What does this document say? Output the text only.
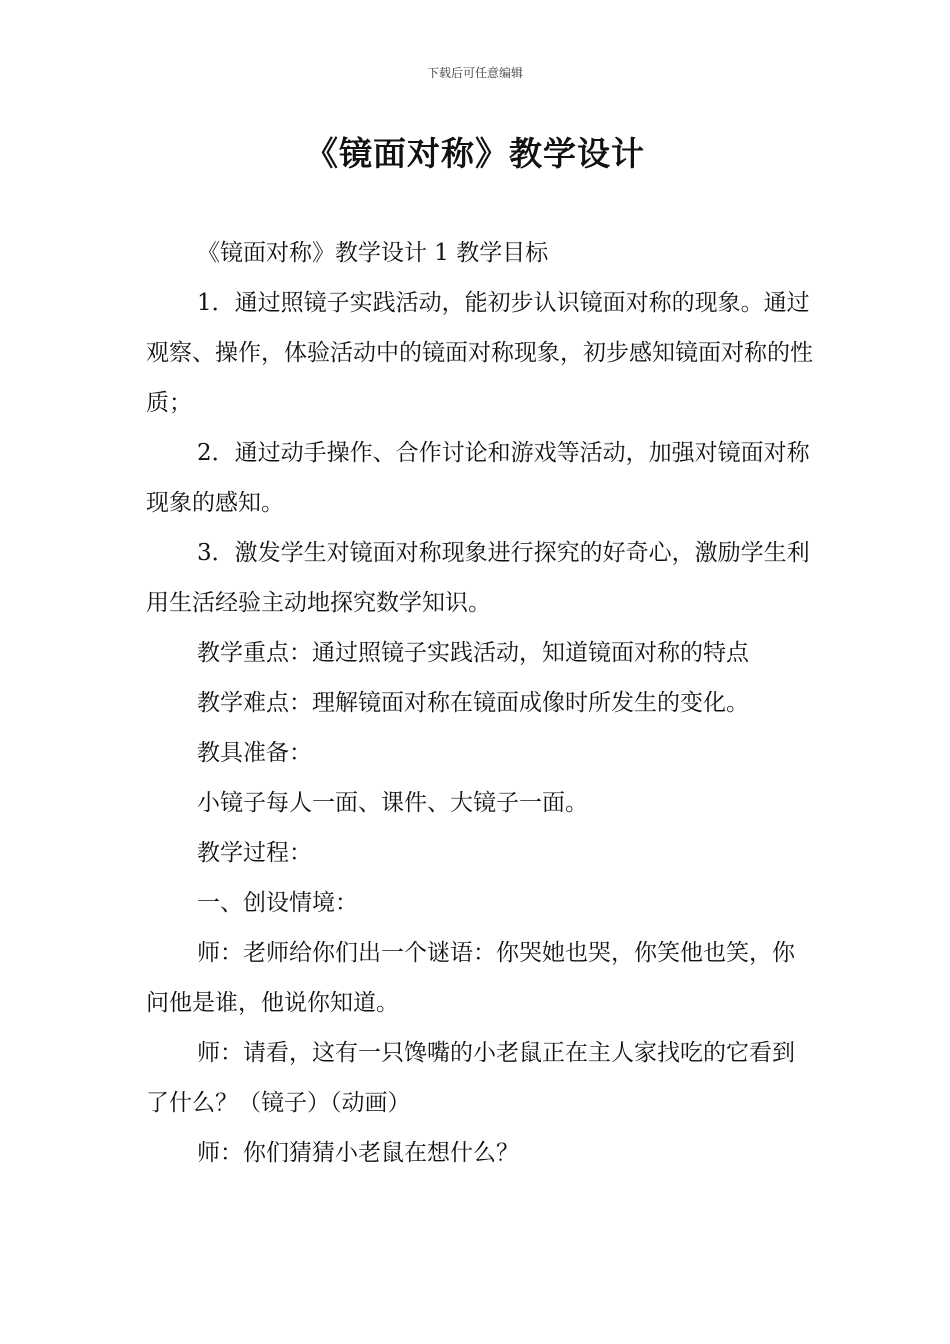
下载后可任意编辑
《镜面对称》教学设计

《镜面对称》教学设计 1 教学目标

1．通过照镜子实践活动，能初步认识镜面对称的现象。通过观察、操作，体验活动中的镜面对称现象，初步感知镜面对称的性质；

2．通过动手操作、合作讨论和游戏等活动，加强对镜面对称现象的感知。

3．激发学生对镜面对称现象进行探究的好奇心，激励学生利用生活经验主动地探究数学知识。

教学重点：通过照镜子实践活动，知道镜面对称的特点

教学难点：理解镜面对称在镜面成像时所发生的变化。

教具准备：

小镜子每人一面、课件、大镜子一面。

教学过程：

一、创设情境：

师：老师给你们出一个谜语：你哭她也哭，你笑他也笑，你问他是谁，他说你知道。

师：请看，这有一只馋嘴的小老鼠正在主人家找吃的它看到了什么？（镜子）（动画）

师：你们猜猜小老鼠在想什么？
